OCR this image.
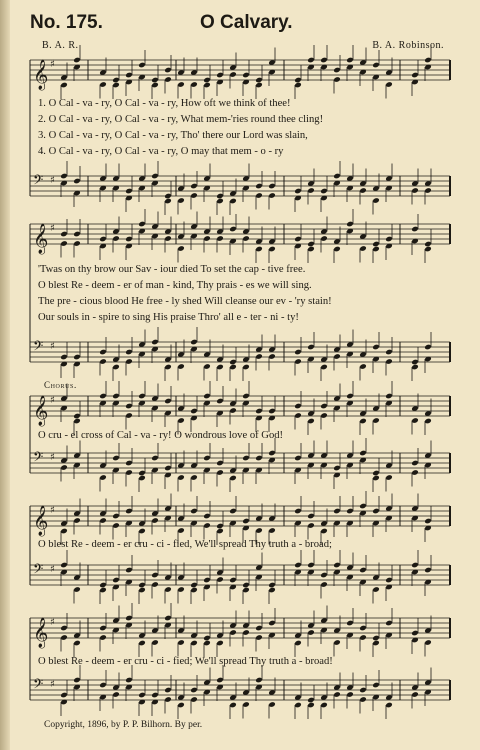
No. 175.	O Calvary.
B. A. R.	B. A. Robinson.
𝄞 ♯
𝄢 ♯
𝄞 ♯
𝄢 ♯
𝄞 ♯
𝄢 ♯
𝄞 ♯
𝄢 ♯
𝄞 ♯
𝄢 ♯
1. O Cal - va - ry, O Cal - va - ry, How oft we think of thee!
2. O Cal - va - ry, O Cal - va - ry, What mem-'ries round thee cling!
3. O Cal - va - ry, O Cal - va - ry, Tho' there our Lord was slain,
4. O Cal - va - ry, O Cal - va - ry, O may that mem - o - ry
'Twas on thy brow our Sav - iour died To set the cap - tive free.
O blest Re - deem - er of man - kind, Thy prais - es we will sing.
The pre - cious blood He free - ly shed Will cleanse our ev - 'ry stain!
Our souls in - spire to sing His praise Thro' all e - ter - ni - ty!
Chorus.
O cru - el cross of Cal - va - ry! O wondrous love of God!
O blest Re - deem - er cru - ci - fied, We'll spread Thy truth a - broad;
O blest Re - deem - er cru - ci - fied; We'll spread Thy truth a - broad!
Copyright, 1896, by P. P. Bilhorn. By per.
